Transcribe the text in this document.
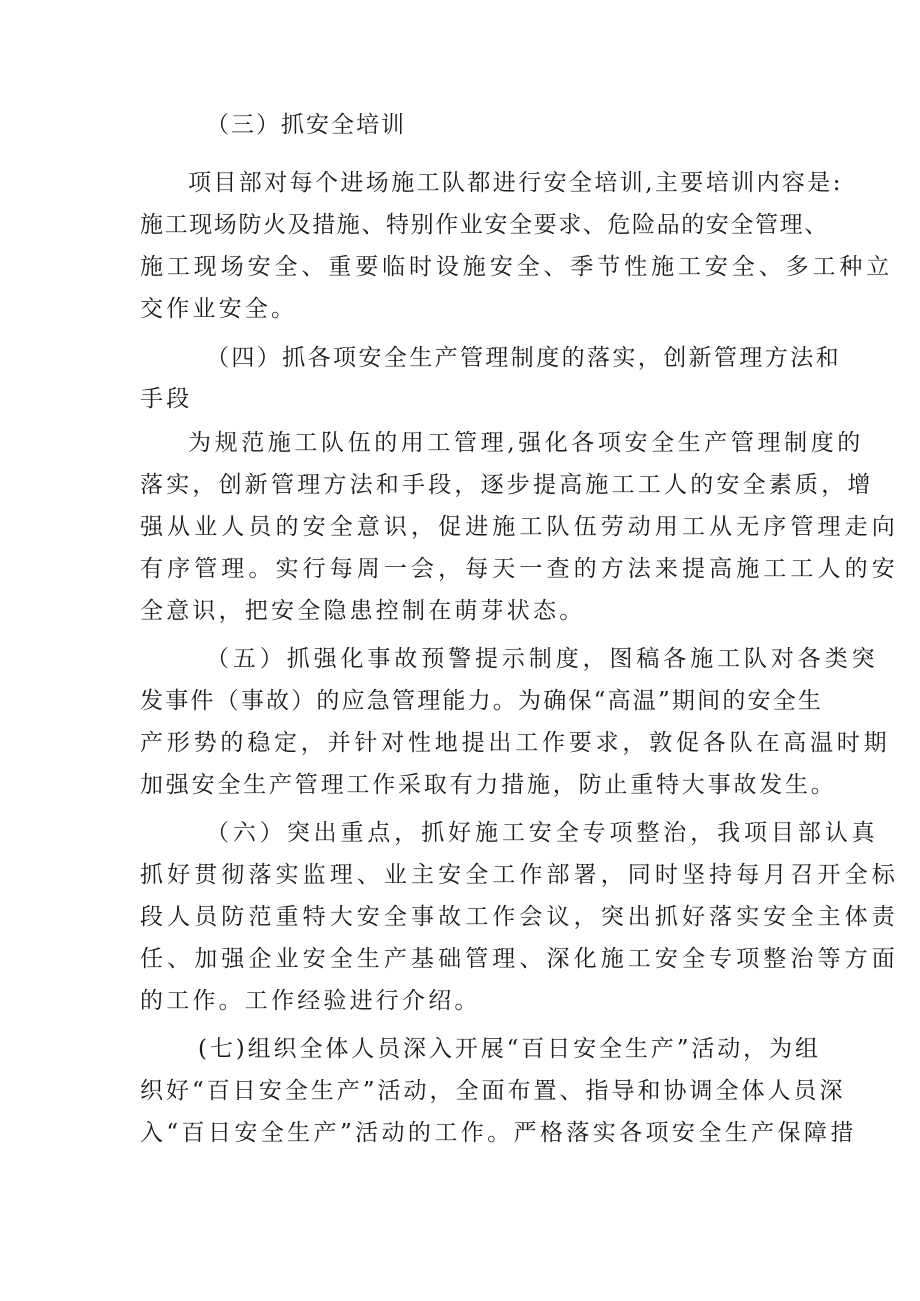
（三）抓安全培训
项目部对每个进场施工队都进行安全培训,主要培训内容是:
施工现场防火及措施、特别作业安全要求、危险品的安全管理、
施工现场安全、重要临时设施安全、季节性施工安全、多工种立
交作业安全。
（四）抓各项安全生产管理制度的落实，创新管理方法和
手段
为规范施工队伍的用工管理,强化各项安全生产管理制度的
落实，创新管理方法和手段，逐步提高施工工人的安全素质，增
强从业人员的安全意识，促进施工队伍劳动用工从无序管理走向
有序管理。实行每周一会，每天一查的方法来提高施工工人的安
全意识，把安全隐患控制在萌芽状态。
（五）抓强化事故预警提示制度，图稿各施工队对各类突
发事件（事故）的应急管理能力。为确保“高温”期间的安全生
产形势的稳定，并针对性地提出工作要求，敦促各队在高温时期
加强安全生产管理工作采取有力措施，防止重特大事故发生。
（六）突出重点，抓好施工安全专项整治，我项目部认真
抓好贯彻落实监理、业主安全工作部署，同时坚持每月召开全标
段人员防范重特大安全事故工作会议，突出抓好落实安全主体责
任、加强企业安全生产基础管理、深化施工安全专项整治等方面
的工作。工作经验进行介绍。
(七)组织全体人员深入开展“百日安全生产”活动，为组
织好“百日安全生产”活动，全面布置、指导和协调全体人员深
入“百日安全生产”活动的工作。严格落实各项安全生产保障措
